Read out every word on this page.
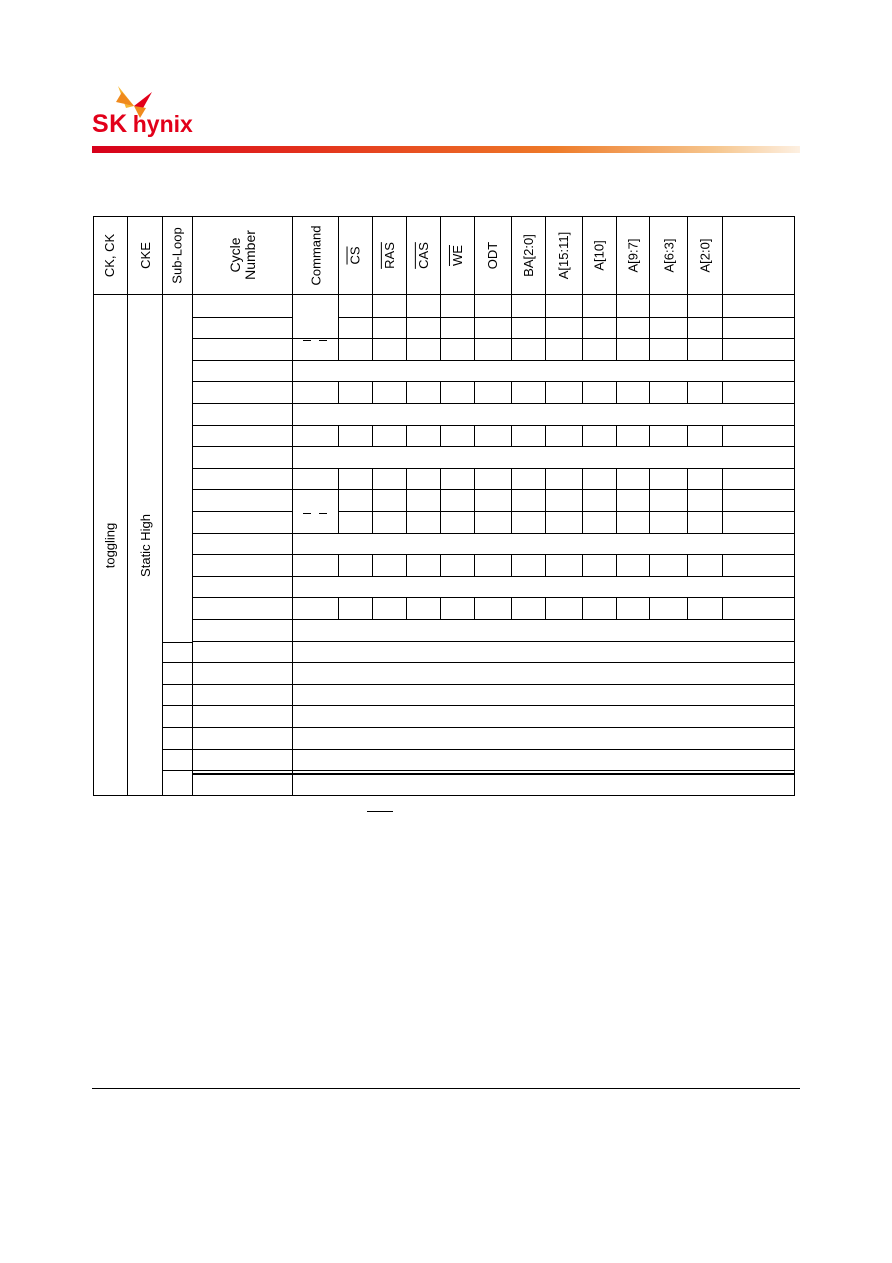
SK hynix
CK, CK CKE Sub-Loop	Cycle Number	Command $\overline{CS}$ $\overline{RAS}$ $\overline{CAS}$ $\overline{WE}$ ODT BA[2:0] A[15:11] A[10] A[9:7] A[6:3] A[2:0]
toggling Static High
